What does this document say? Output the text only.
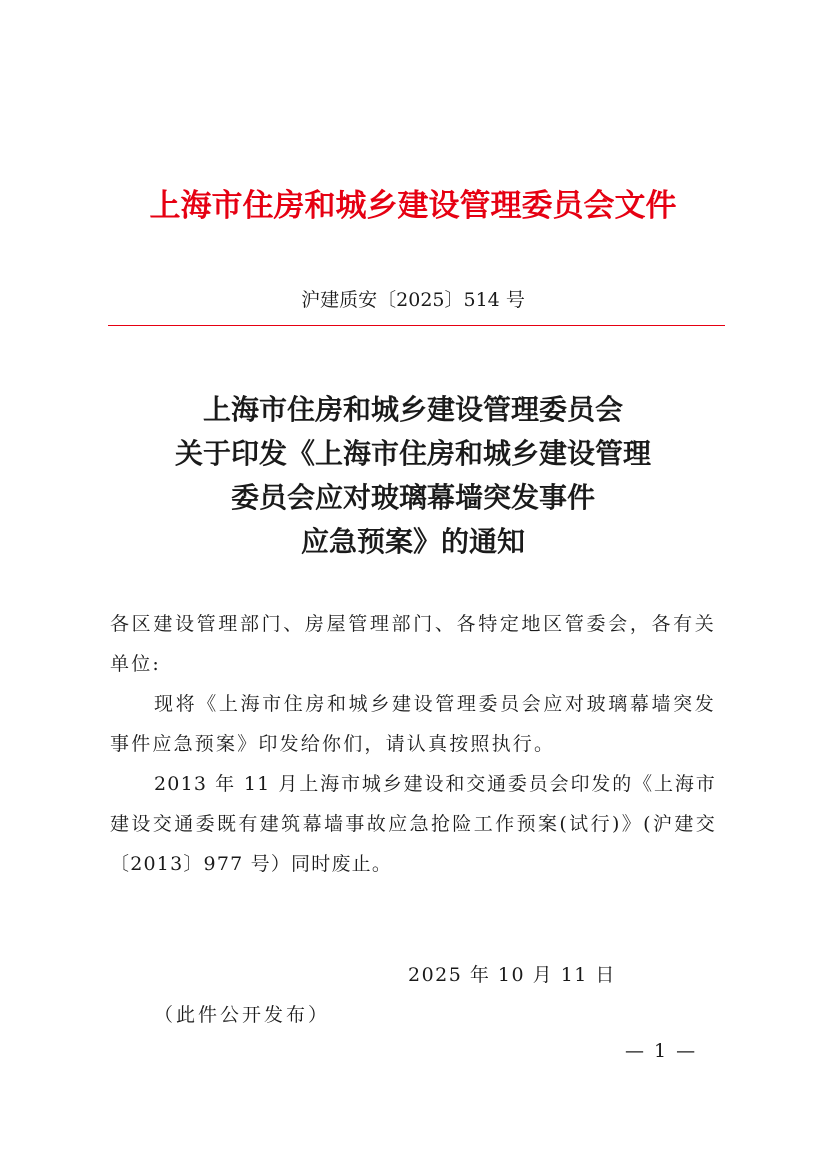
上海市住房和城乡建设管理委员会文件
沪建质安〔2025〕514 号
上海市住房和城乡建设管理委员会
关于印发《上海市住房和城乡建设管理
委员会应对玻璃幕墙突发事件
应急预案》的通知
各区建设管理部门、房屋管理部门、各特定地区管委会，各有关单位:
现将《上海市住房和城乡建设管理委员会应对玻璃幕墙突发事件应急预案》印发给你们，请认真按照执行。
2013 年 11 月上海市城乡建设和交通委员会印发的《上海市建设交通委既有建筑幕墙事故应急抢险工作预案(试行)》(沪建交〔2013〕977 号）同时废止。
2025 年 10 月 11 日
（此件公开发布）
— 1 —
